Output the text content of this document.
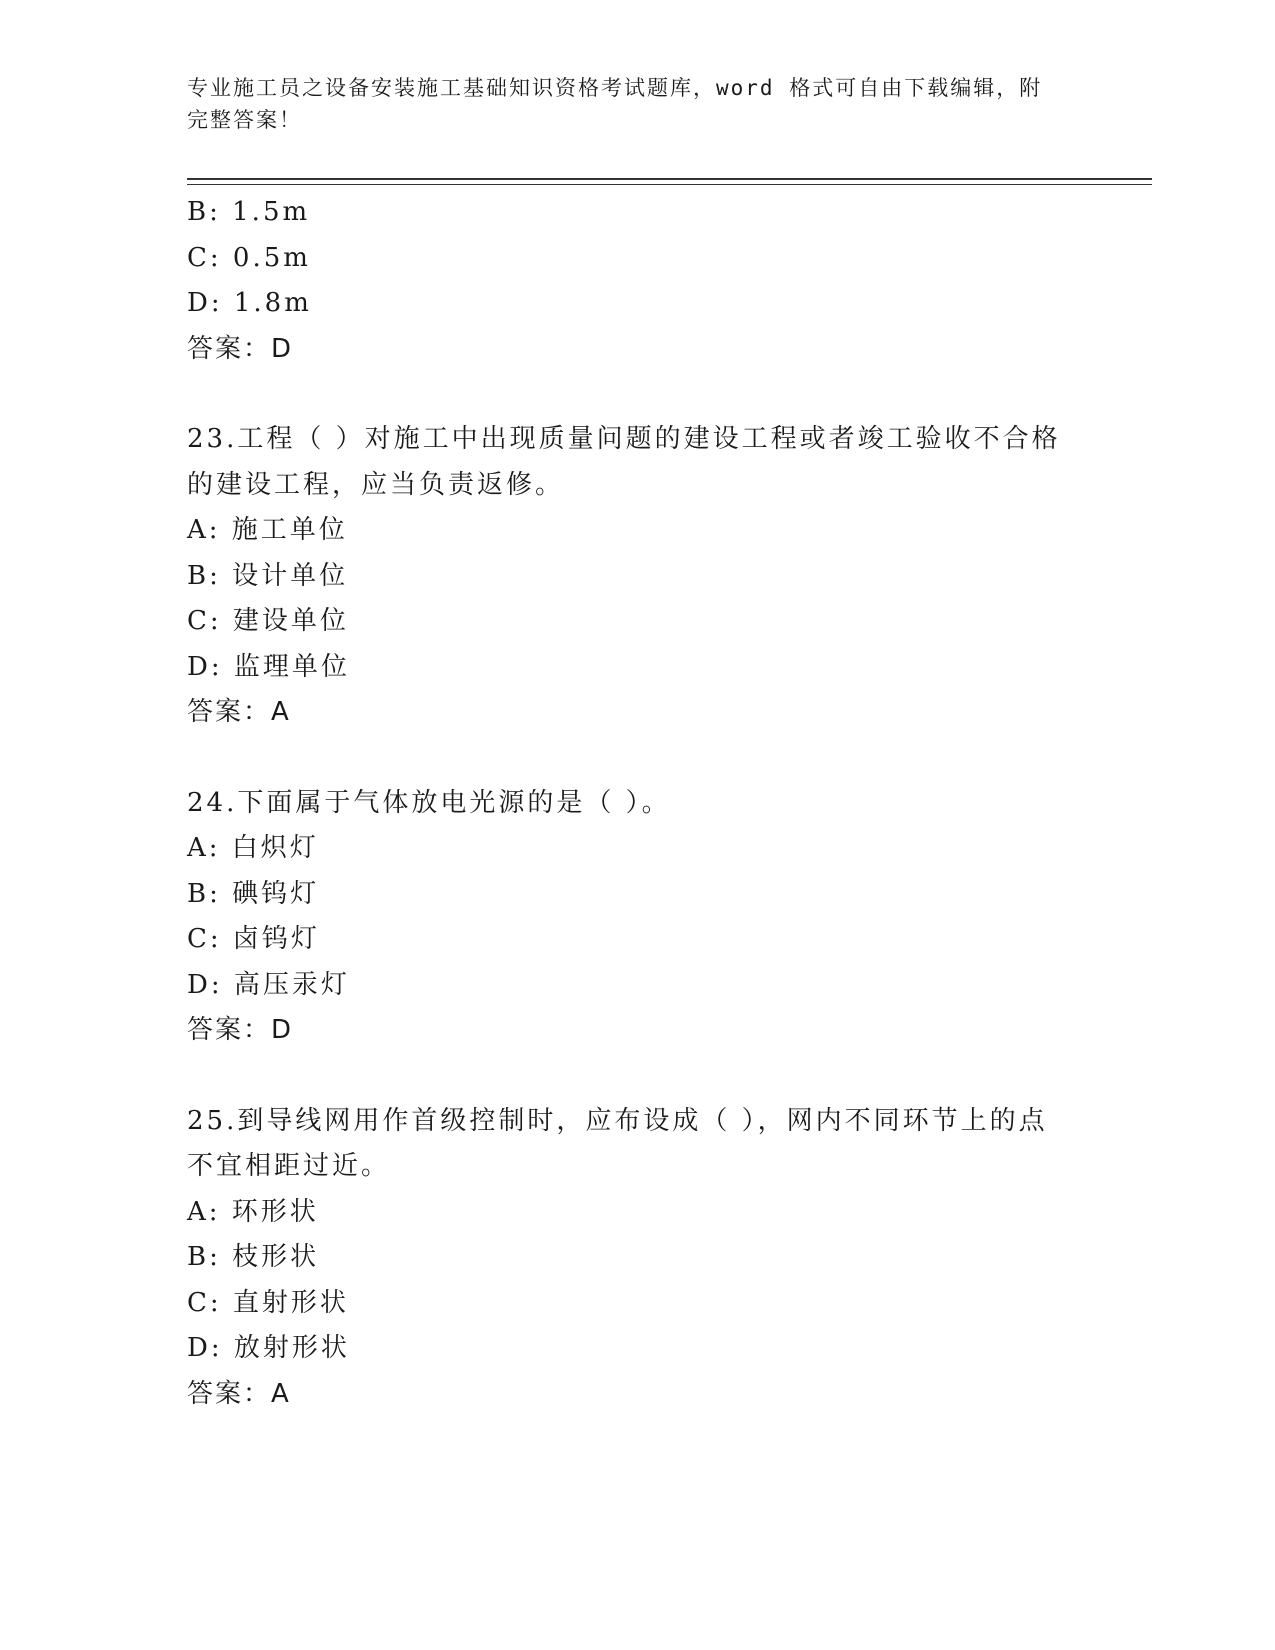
专业施工员之设备安装施工基础知识资格考试题库，word 格式可自由下载编辑，附完整答案！
B: 1.5m
C: 0.5m
D: 1.8m
答案：D
23.工程（ ）对施工中出现质量问题的建设工程或者竣工验收不合格的建设工程，应当负责返修。
A: 施工单位
B: 设计单位
C: 建设单位
D: 监理单位
答案：A
24.下面属于气体放电光源的是（ ）。
A: 白炽灯
B: 碘钨灯
C: 卤钨灯
D: 高压汞灯
答案：D
25.到导线网用作首级控制时，应布设成（ ），网内不同环节上的点不宜相距过近。
A: 环形状
B: 枝形状
C: 直射形状
D: 放射形状
答案：A
